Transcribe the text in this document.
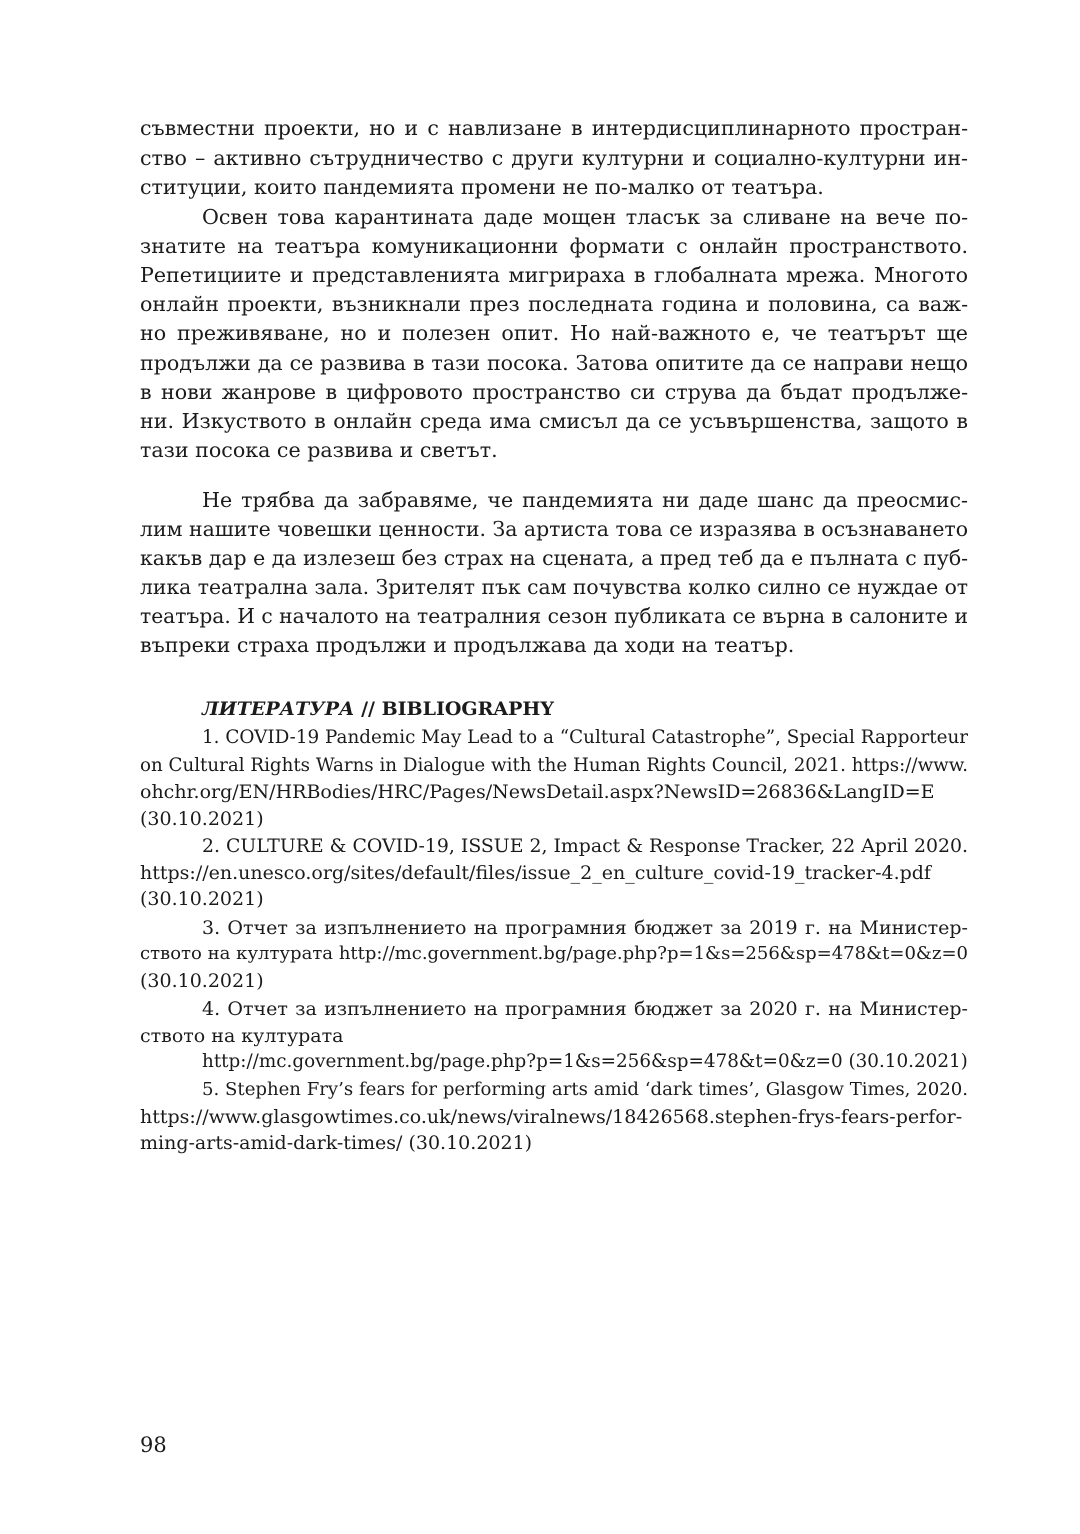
съвместни проекти, но и с навлизане в интердисциплинарното простран-
ство – активно сътрудничество с други културни и социално-културни ин-
ституции, които пандемията промени не по-малко от театъра.
Освен това карантината даде мощен тласък за сливане на вече по-
знатите на театъра комуникационни формати с онлайн пространството.
Репетициите и представленията мигрираха в глобалната мрежа. Многото
онлайн проекти, възникнали през последната година и половина, са важ-
но преживяване, но и полезен опит. Но най-важното е, че театърът ще
продължи да се развива в тази посока. Затова опитите да се направи нещо
в нови жанрове в цифровото пространство си струва да бъдат продълже-
ни. Изкуството в онлайн среда има смисъл да се усъвършенства, защото в
тази посока се развива и светът.
Не трябва да забравяме, че пандемията ни даде шанс да преосмис-
лим нашите човешки ценности. За артиста това се изразява в осъзнаването
какъв дар е да излезеш без страх на сцената, а пред теб да е пълната с пуб-
лика театрална зала. Зрителят пък сам почувства колко силно се нуждае от
театъра. И с началото на театралния сезон публиката се върна в салоните и
въпреки страха продължи и продължава да ходи на театър.
ЛИТЕРАТУРА // BIBLIOGRAPHY
1. COVID-19 Pandemic May Lead to a “Cultural Catastrophe”, Special Rapporteur
on Cultural Rights Warns in Dialogue with the Human Rights Council, 2021. https://www.
ohchr.org/EN/HRBodies/HRC/Pages/NewsDetail.aspx?NewsID=26836&LangID=E
(30.10.2021)
2. CULTURE & COVID-19, ISSUE 2, Impact & Response Tracker, 22 April 2020.
https://en.unesco.org/sites/default/files/issue_2_en_culture_covid-19_tracker-4.pdf
(30.10.2021)
3. Отчет за изпълнението на програмния бюджет за 2019 г. на Министер-
ството на културата http://mc.government.bg/page.php?p=1&s=256&sp=478&t=0&z=0
(30.10.2021)
4. Отчет за изпълнението на програмния бюджет за 2020 г. на Министер-
ството на културата
http://mc.government.bg/page.php?p=1&s=256&sp=478&t=0&z=0 (30.10.2021)
5. Stephen Fry’s fears for performing arts amid ‘dark times’, Glasgow Times, 2020.
https://www.glasgowtimes.co.uk/news/viralnews/18426568.stephen-frys-fears-perfor-
ming-arts-amid-dark-times/ (30.10.2021)
98
